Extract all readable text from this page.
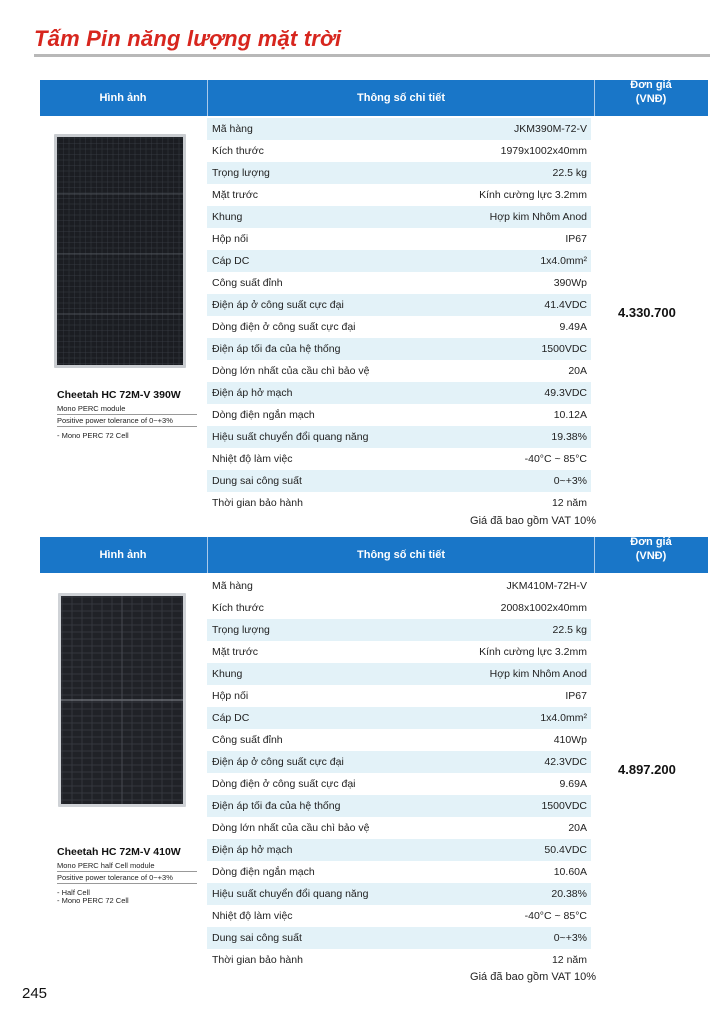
Tấm Pin năng lượng mặt trời
Hình ảnh	Thông số chi tiết
Đơn giá
(VNĐ)
Cheetah HC 72M-V 390W
Mono PERC module
Positive power tolerance of 0~+3%
- Mono PERC 72 Cell
Mã hàng	JKM390M-72-V
Kích thước	1979x1002x40mm
Trọng lượng	22.5 kg
Mặt trước	Kính cường lực 3.2mm
Khung	Hợp kim Nhôm Anod
Hộp nối	IP67
Cáp DC	1x4.0mm²
Công suất đỉnh	390Wp
Điện áp ở công suất cực đại	41.4VDC
Dòng điện ở công suất cực đại	9.49A
Điện áp tối đa của hệ thống	1500VDC
Dòng lớn nhất của cầu chì bảo vệ	20A
Điện áp hở mạch	49.3VDC
Dòng điện ngắn mạch	10.12A
Hiệu suất chuyển đổi quang năng	19.38%
Nhiệt độ làm việc	-40°C ~ 85°C
Dung sai công suất	0~+3%
Thời gian bảo hành	12 năm
4.330.700
Giá đã bao gồm VAT 10%
Hình ảnh	Thông số chi tiết
Đơn giá
(VNĐ)
Cheetah HC 72M-V 410W
Mono PERC half Cell module
Positive power tolerance of 0~+3%
- Half Cell
- Mono PERC 72 Cell
Mã hàng	JKM410M-72H-V
Kích thước	2008x1002x40mm
Trọng lượng	22.5 kg
Mặt trước	Kính cường lực 3.2mm
Khung	Hợp kim Nhôm Anod
Hộp nối	IP67
Cáp DC	1x4.0mm²
Công suất đỉnh	410Wp
Điện áp ở công suất cực đại	42.3VDC
Dòng điện ở công suất cực đại	9.69A
Điện áp tối đa của hệ thống	1500VDC
Dòng lớn nhất của cầu chì bảo vệ	20A
Điện áp hở mạch	50.4VDC
Dòng điện ngắn mạch	10.60A
Hiệu suất chuyển đổi quang năng	20.38%
Nhiệt độ làm việc	-40°C ~ 85°C
Dung sai công suất	0~+3%
Thời gian bảo hành	12 năm
4.897.200
Giá đã bao gồm VAT 10%
245
